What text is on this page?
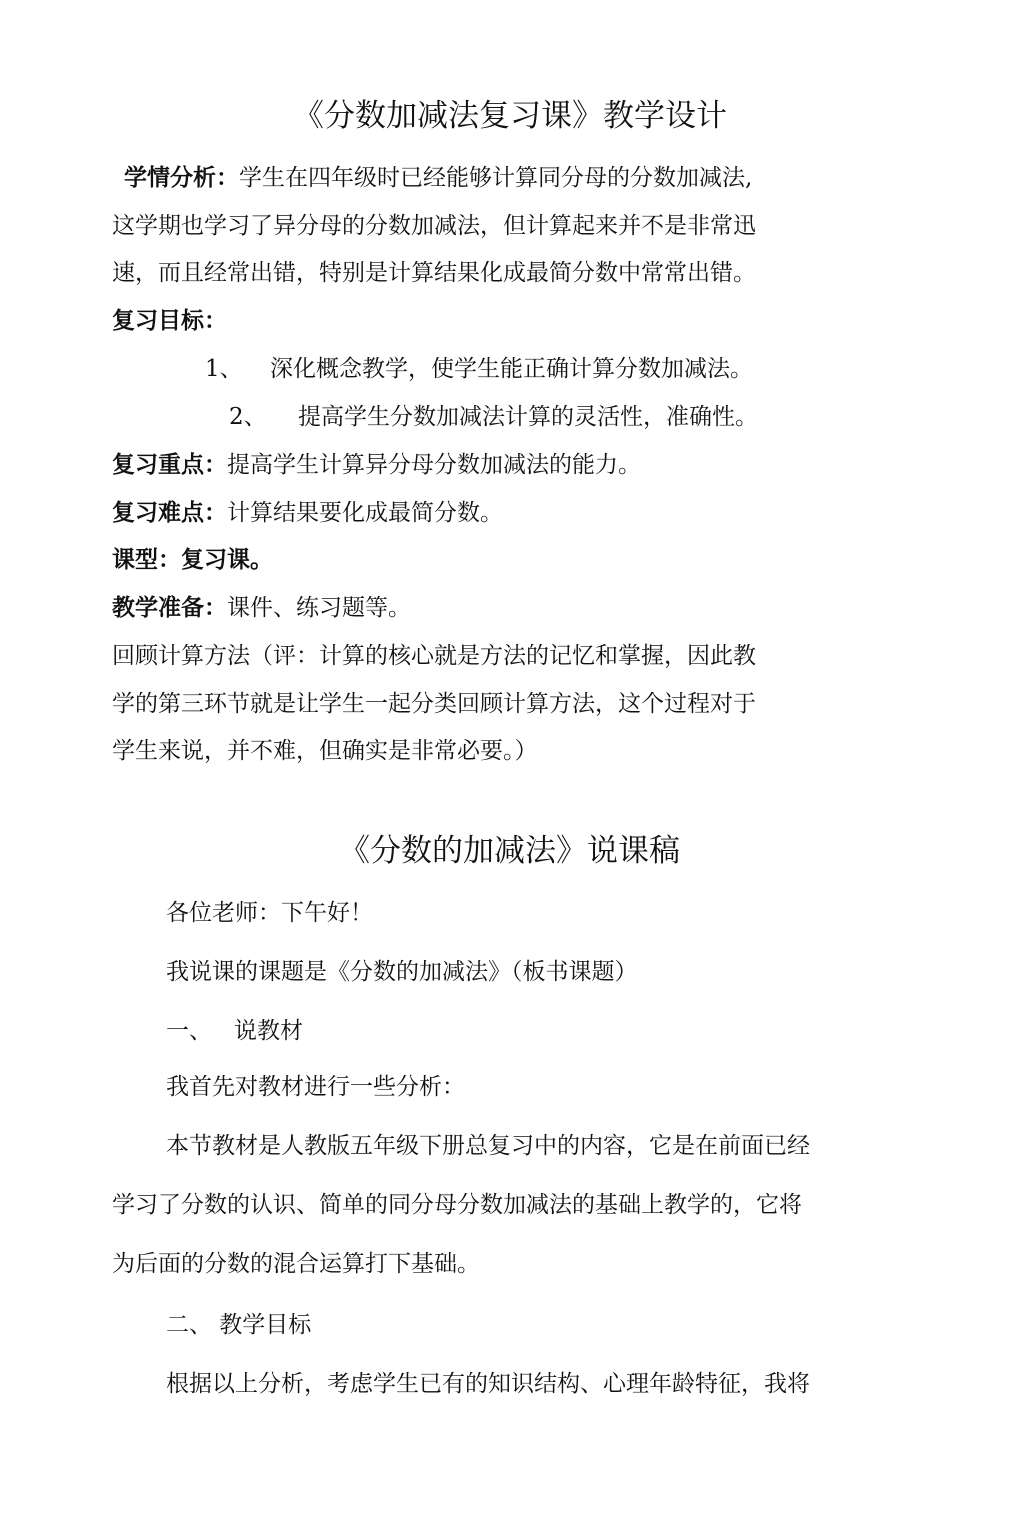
《分数加减法复习课》教学设计
学情分析：学生在四年级时已经能够计算同分母的分数加减法,
这学期也学习了异分母的分数加减法，但计算起来并不是非常迅
速，而且经常出错，特别是计算结果化成最简分数中常常出错。
复习目标：
1、 深化概念教学，使学生能正确计算分数加减法。
2、 提高学生分数加减法计算的灵活性，准确性。
复习重点：提高学生计算异分母分数加减法的能力。
复习难点：计算结果要化成最简分数。
课型：复习课。
教学准备：课件、练习题等。
回顾计算方法（评：计算的核心就是方法的记忆和掌握，因此教
学的第三环节就是让学生一起分类回顾计算方法，这个过程对于
学生来说，并不难，但确实是非常必要。）
《分数的加减法》说课稿
各位老师：下午好！
我说课的课题是《分数的加减法》（板书课题）
一、 说教材
我首先对教材进行一些分析：
本节教材是人教版五年级下册总复习中的内容，它是在前面已经
学习了分数的认识、简单的同分母分数加减法的基础上教学的，它将
为后面的分数的混合运算打下基础。
二、 教学目标
根据以上分析，考虑学生已有的知识结构、心理年龄特征，我将
